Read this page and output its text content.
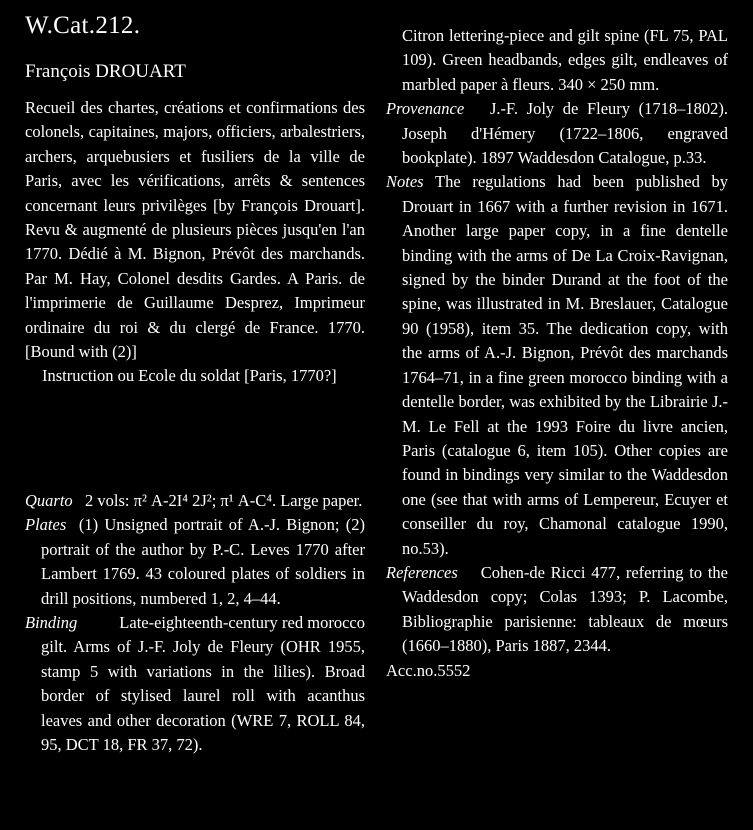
W.Cat.212.
François DROUART

Recueil des chartes, créations et confirmations des colonels, capitaines, majors, officiers, arbalestriers, archers, arquebusiers et fusiliers de la ville de Paris, avec les vérifications, arrêts & sentences concernant leurs privilèges [by François Drouart]. Revu & augmenté de plusieurs pièces jusqu'en l'an 1770. Dédié à M. Bignon, Prévôt des marchands. Par M. Hay, Colonel desdits Gardes. A Paris. de l'imprimerie de Guillaume Desprez, Imprimeur ordinaire du roi & du clergé de France. 1770. [Bound with (2)]

Instruction ou Ecole du soldat [Paris, 1770?]

Quarto 2 vols: π² A-2I⁴ 2J²; π¹ A-C⁴. Large paper.

Plates (1) Unsigned portrait of A.-J. Bignon; (2) portrait of the author by P.-C. Leves 1770 after Lambert 1769. 43 coloured plates of soldiers in drill positions, numbered 1, 2, 4–44.

Binding	Late-eighteenth-century red morocco gilt. Arms of J.-F. Joly de Fleury (OHR 1955, stamp 5 with variations in the lilies). Broad border of stylised laurel roll with acanthus leaves and other decoration (WRE 7, ROLL 84, 95, DCT 18, FR 37, 72).

Citron lettering-piece and gilt spine (FL 75, PAL 109). Green headbands, edges gilt, endleaves of marbled paper à fleurs. 340 × 250 mm.

Provenance J.-F. Joly de Fleury (1718–1802). Joseph d'Hémery (1722–1806, engraved bookplate). 1897 Waddesdon Catalogue, p.33.

Notes The regulations had been published by Drouart in 1667 with a further revision in 1671. Another large paper copy, in a fine dentelle binding with the arms of De La Croix-Ravignan, signed by the binder Durand at the foot of the spine, was illustrated in M. Breslauer, Catalogue 90 (1958), item 35. The dedication copy, with the arms of A.-J. Bignon, Prévôt des marchands 1764–71, in a fine green morocco binding with a dentelle border, was exhibited by the Librairie J.-M. Le Fell at the 1993 Foire du livre ancien, Paris (catalogue 6, item 105). Other copies are found in bindings very similar to the Waddesdon one (see that with arms of Lempereur, Ecuyer et conseiller du roy, Chamonal catalogue 1990, no.53).

References Cohen-de Ricci 477, referring to the Waddesdon copy; Colas 1393; P. Lacombe, Bibliographie parisienne: tableaux de mœurs (1660–1880), Paris 1887, 2344.

Acc.no.5552
